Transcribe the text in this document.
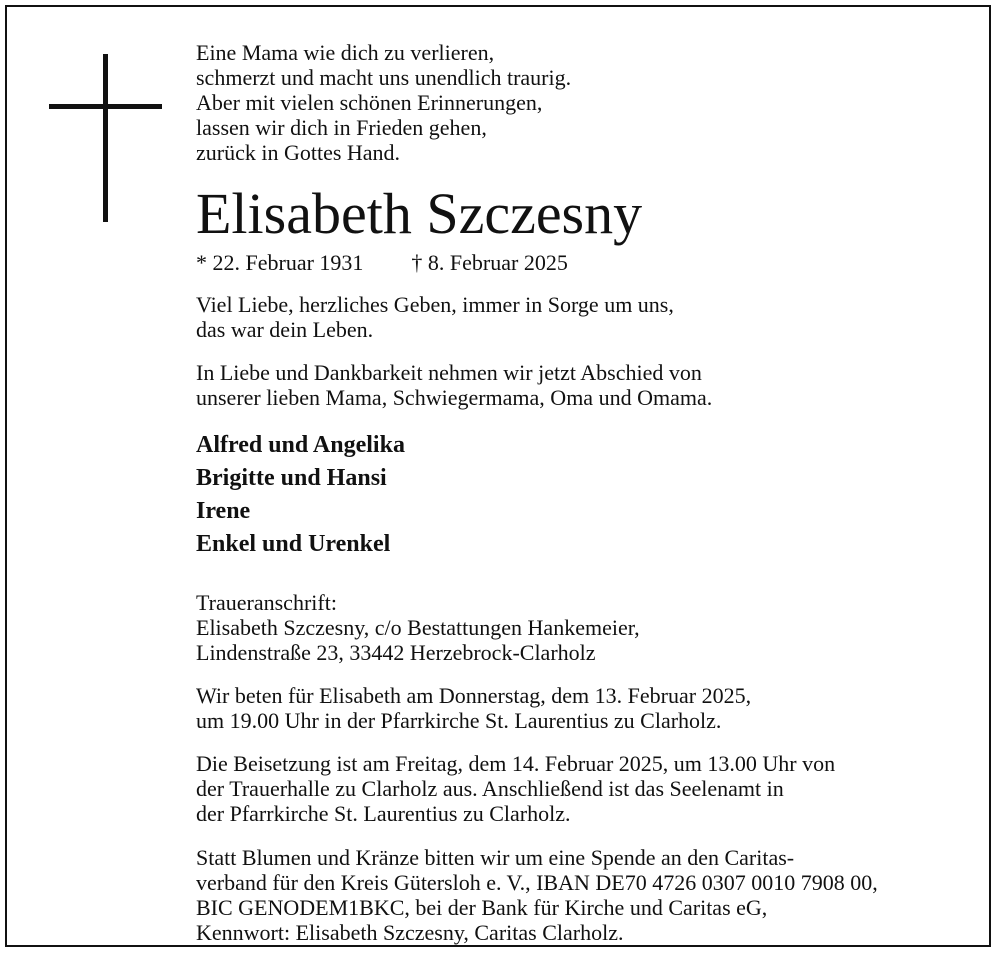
Eine Mama wie dich zu verlieren,
schmerzt und macht uns unendlich traurig.
Aber mit vielen schönen Erinnerungen,
lassen wir dich in Frieden gehen,
zurück in Gottes Hand.

Elisabeth Szczesny
* 22. Februar 1931 † 8. Februar 2025

Viel Liebe, herzliches Geben, immer in Sorge um uns,
das war dein Leben.

In Liebe und Dankbarkeit nehmen wir jetzt Abschied von
unserer lieben Mama, Schwiegermama, Oma und Omama.

Alfred und Angelika
Brigitte und Hansi
Irene
Enkel und Urenkel

Traueranschrift:
Elisabeth Szczesny, c/o Bestattungen Hankemeier,
Lindenstraße 23, 33442 Herzebrock-Clarholz

Wir beten für Elisabeth am Donnerstag, dem 13. Februar 2025,
um 19.00 Uhr in der Pfarrkirche St. Laurentius zu Clarholz.

Die Beisetzung ist am Freitag, dem 14. Februar 2025, um 13.00 Uhr von
der Trauerhalle zu Clarholz aus. Anschließend ist das Seelenamt in
der Pfarrkirche St. Laurentius zu Clarholz.

Statt Blumen und Kränze bitten wir um eine Spende an den Caritas-
verband für den Kreis Gütersloh e. V., IBAN DE70 4726 0307 0010 7908 00,
BIC GENODEM1BKC, bei der Bank für Kirche und Caritas eG,
Kennwort: Elisabeth Szczesny, Caritas Clarholz.
